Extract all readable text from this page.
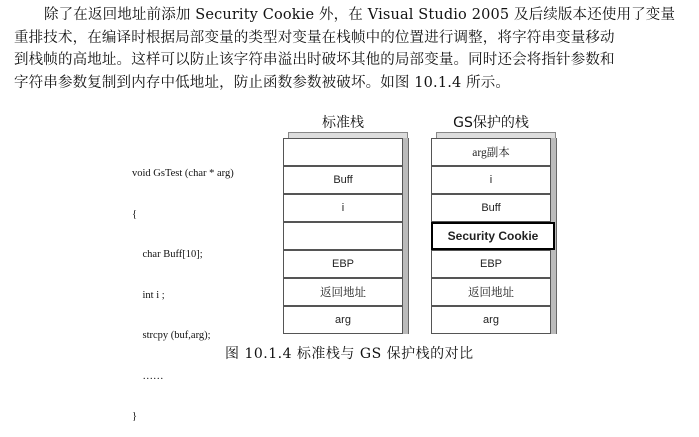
除了在返回地址前添加 Security Cookie 外，在 Visual Studio 2005 及后续版本还使用了变量
重排技术，在编译时根据局部变量的类型对变量在栈帧中的位置进行调整，将字符串变量移动
到栈帧的高地址。这样可以防止该字符串溢出时破坏其他的局部变量。同时还会将指针参数和
字符串参数复制到内存中低地址，防止函数参数被破坏。如图 10.1.4 所示。

void GsTest (char * arg)

{

char Buff[10];

int i ;

strcpy (buf,arg);

……

}

标准栈	GS保护的栈
Buff
i
EBP
返回地址
arg
arg副本
i
Buff
Security Cookie
EBP
返回地址
arg
图 10.1.4 标准栈与 GS 保护栈的对比
